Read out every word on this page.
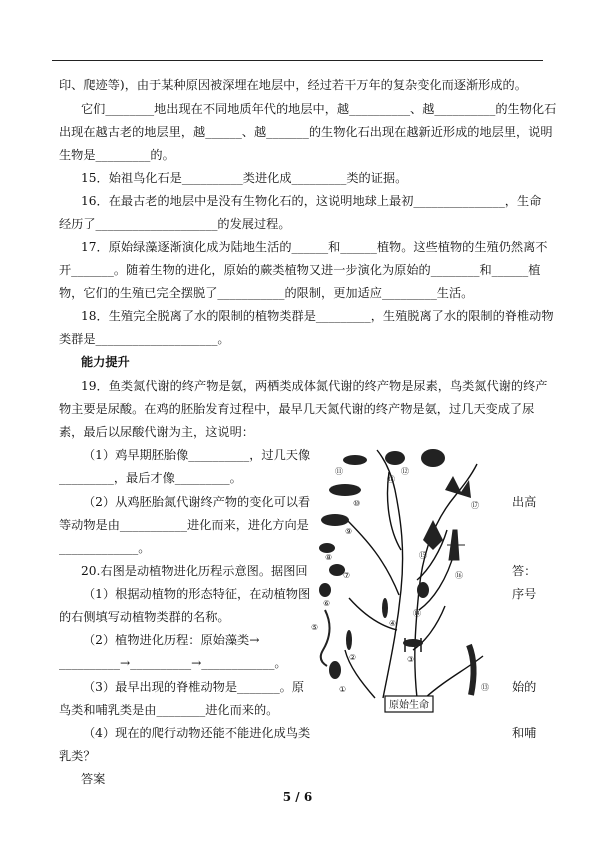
印、爬迹等)，由于某种原因被深埋在地层中，经过若干万年的复杂变化而逐渐形成的。
它们________地出现在不同地质年代的地层中，越__________、越__________的生物化石
出现在越古老的地层里，越______、越_______的生物化石出现在越新近形成的地层里，说明
生物是_________的。
15．始祖鸟化石是__________类进化成_________类的证据。
16．在最古老的地层中是没有生物化石的，这说明地球上最初_______________，生命
经历了____________________的发展过程。
17．原始绿藻逐渐演化成为陆地生活的______和______植物。这些植物的生殖仍然离不
开_______。随着生物的进化，原始的蕨类植物又进一步演化为原始的________和______植
物，它们的生殖已完全摆脱了___________的限制，更加适应_________生活。
18．生殖完全脱离了水的限制的植物类群是_________，生殖脱离了水的限制的脊椎动物
类群是____________________。
能力提升
19．鱼类氮代谢的终产物是氨，两栖类成体氮代谢的终产物是尿素，鸟类氮代谢的终产
物主要是尿酸。在鸡的胚胎发育过程中，最早几天氮代谢的终产物是氨，过几天变成了尿
素，最后以尿酸代谢为主，这说明：
（1）鸡早期胚胎像__________，过几天像
_________，最后才像_________。
（2）从鸡胚胎氮代谢终产物的变化可以看
等动物是由___________进化而来，进化方向是
_____________。
20.右图是动植物进化历程示意图。据图回
（1）根据动植物的形态特征，在动植物图
的右侧填写动植物类群的名称。
（2）植物进化历程：原始藻类→
__________→__________→____________。
（3）最早出现的脊椎动物是_______。原
鸟类和哺乳类是由________进化而来的。
（4）现在的爬行动物还能不能进化成鸟类
乳类？
答案
出高
答：
序号
始的
和哺
①
②	③
④
⑤
⑥
⑦
⑧
⑨
⑩
⑪	⑫
⑬
⑭
⑮
⑯
⑰
⑱
原始生命
5 / 6
